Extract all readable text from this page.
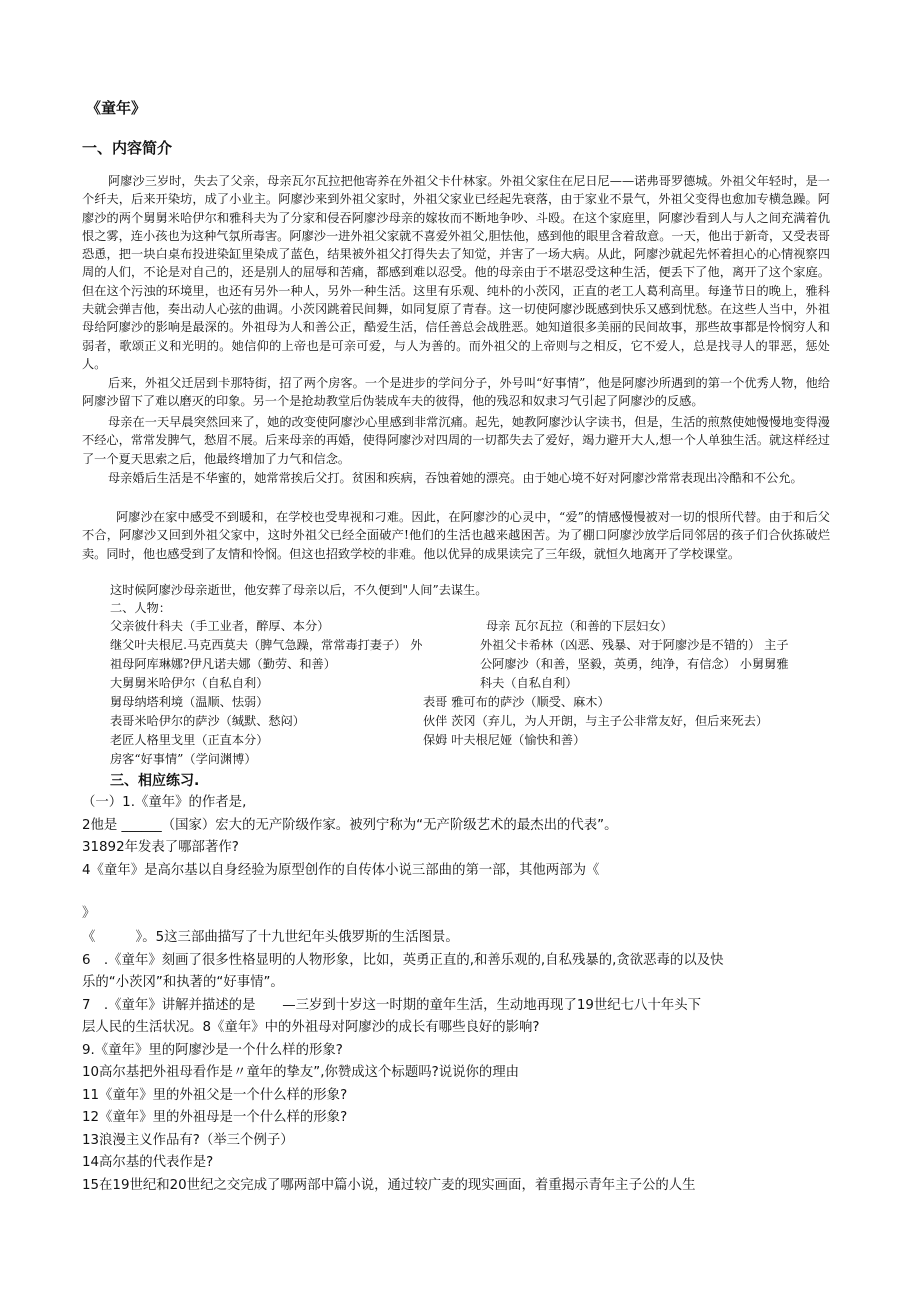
《童年》
一、内容简介

阿廖沙三岁时，失去了父亲，母亲瓦尔瓦拉把他寄养在外祖父卡什林家。外祖父家住在尼日尼——诺弗哥罗德城。外祖父年轻时，是一个纤夫，后来开染坊，成了小业主。阿廖沙来到外祖父家时，外祖父家业已经起先衰落，由于家业不景气，外祖父变得也愈加专横急躁。阿廖沙的两个舅舅米哈伊尔和雅科夫为了分家和侵吞阿廖沙母亲的嫁妆而不断地争吵、斗殴。在这个家庭里，阿廖沙看到人与人之间充满着仇恨之雾，连小孩也为这种气氛所毒害。阿廖沙一进外祖父家就不喜爱外祖父,胆怯他，感到他的眼里含着敌意。一天，他出于新奇，又受表哥恐恿，把一块白桌布投进染缸里染成了蓝色，结果被外祖父打得失去了知觉，并害了一场大病。从此，阿廖沙就起先怀着担心的心情视察四周的人们，不论是对自己的，还是别人的屈辱和苦痛，都感到难以忍受。他的母亲由于不堪忍受这种生活，便丢下了他，离开了这个家庭。但在这个污浊的环境里，也还有另外一种人，另外一种生活。这里有乐观、纯朴的小茨冈，正直的老工人葛利高里。每逢节日的晚上，雅科夫就会弹吉他，奏出动人心弦的曲调。小茨冈跳着民间舞，如同复原了青春。这一切使阿廖沙既感到快乐又感到忧愁。在这些人当中，外祖母给阿廖沙的影响是最深的。外祖母为人和善公正，酷爱生活，信任善总会战胜恶。她知道很多美丽的民间故事，那些故事都是怜悯穷人和弱者，歌颂正义和光明的。她信仰的上帝也是可亲可爱，与人为善的。而外祖父的上帝则与之相反，它不爱人，总是找寻人的罪恶，惩处人。

后来，外祖父迁居到卡那特街，招了两个房客。一个是进步的学问分子，外号叫“好事情”，他是阿廖沙所遇到的第一个优秀人物，他给阿廖沙留下了难以磨灭的印象。另一个是抢劫教堂后伪装成车夫的彼得，他的残忍和奴隶习气引起了阿廖沙的反感。

母亲在一天早晨突然回来了，她的改变使阿廖沙心里感到非常沉痛。起先，她教阿廖沙认字读书，但是，生活的煎熬使她慢慢地变得漫不经心，常常发脾气，愁眉不展。后来母亲的再婚，使得阿廖沙对四周的一切都失去了爱好，竭力避开大人,想一个人单独生活。就这样经过了一个夏天思索之后，他最终增加了力气和信念。

母亲婚后生活是不华蜜的，她常常挨后父打。贫困和疾病，吞蚀着她的漂亮。由于她心境不好对阿廖沙常常表现出冷酷和不公允。

阿廖沙在家中感受不到暖和，在学校也受卑视和刁难。因此，在阿廖沙的心灵中，“爱”的情感慢慢被对一切的恨所代替。由于和后父不合，阿廖沙又回到外祖父家中，这时外祖父已经全面破产!他们的生活也越来越困苦。为了棚口阿廖沙放学后同邻居的孩子们合伙拣破烂卖。同时，他也感受到了友情和怜悯。但这也招致学校的非难。他以优异的成果读完了三年级，就恒久地离开了学校课堂。

这时候阿廖沙母亲逝世，他安葬了母亲以后，不久便到"人间”去谋生。
二、人物：
父亲彼什科夫（手工业者，醉厚、本分）	母亲 瓦尔瓦拉（和善的下层妇女）
继父叶夫根尼.马克西莫夫（脾气急躁，常常毒打妻子） 外	外祖父卡希林（凶恶、残暴、对于阿廖沙是不错的） 主子
祖母阿库琳娜?伊凡诺夫娜（勤劳、和善）	公阿廖沙（和善，坚毅，英勇，纯净，有信念） 小舅舅雅
大舅舅米哈伊尔（自私自利）	科夫（自私自利）
舅母纳塔利境（温顺、怯弱）	表哥 雅可布的萨沙（顺受、麻木）
表哥米哈伊尔的萨沙（缄默、愁闷）	伙伴 茨冈（弃儿，为人开朗，与主子公非常友好，但后来死去）
老匠人格里戈里（正直本分）	保姆 叶夫根尼娅（愉快和善）
房客“好事情”（学问渊博）
三、相应练习.
（一）1.《童年》的作者是,
2他是 ______（国家）宏大的无产阶级作家。被列宁称为“无产阶级艺术的最杰出的代表”。
31892年发表了哪部著作?
4《童年》是高尔基以自身经验为原型创作的自传体小说三部曲的第一部，其他两部为《
》
《　　　》。5这三部曲描写了十九世纪年头俄罗斯的生活图景。
6　.《童年》刻画了很多性格显明的人物形象，比如，英勇正直的,和善乐观的,自私残暴的,贪欲恶毒的以及快
乐的“小茨冈”和执著的“好事情”。
7　.《童年》讲解并描述的是　　—三岁到十岁这一时期的童年生活，生动地再现了19世纪七八十年头下
层人民的生活状况。8《童年》中的外祖母对阿廖沙的成长有哪些良好的影响?
9.《童年》里的阿廖沙是一个什么样的形象?
10高尔基把外祖母看作是〃童年的挚友”,你赞成这个标题吗?说说你的理由
11《童年》里的外祖父是一个什么样的形象?
12《童年》里的外祖母是一个什么样的形象?
13浪漫主义作品有?（举三个例子）
14高尔基的代表作是?
15在19世纪和20世纪之交完成了哪两部中篇小说，通过较广麦的现实画面，着重揭示青年主子公的人生
